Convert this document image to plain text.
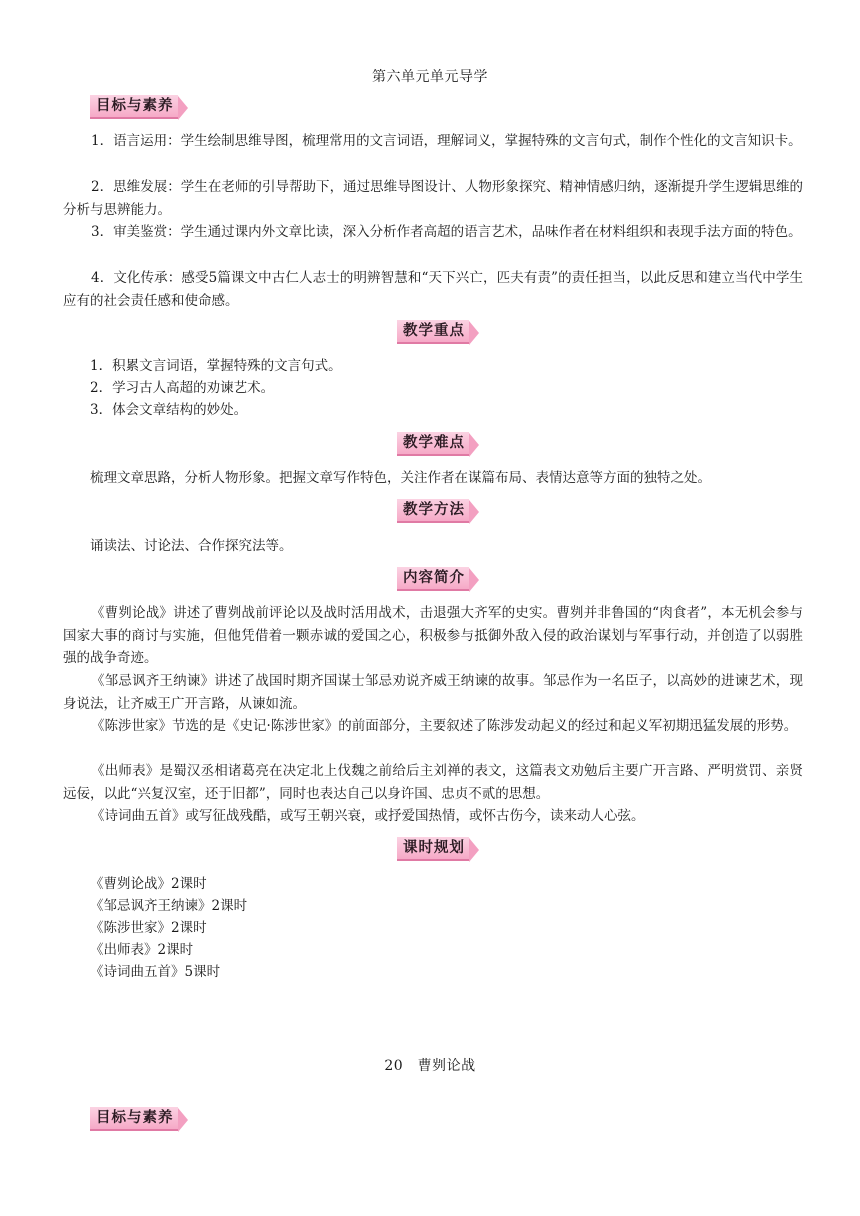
第六单元单元导学
目标与素养

1．语言运用：学生绘制思维导图，梳理常用的文言词语，理解词义，掌握特殊的文言句式，制作个性化的文言知识卡。

2．思维发展：学生在老师的引导帮助下，通过思维导图设计、人物形象探究、精神情感归纳，逐渐提升学生逻辑思维的分析与思辨能力。

3．审美鉴赏：学生通过课内外文章比读，深入分析作者高超的语言艺术，品味作者在材料组织和表现手法方面的特色。

4．文化传承：感受5篇课文中古仁人志士的明辨智慧和“天下兴亡，匹夫有责”的责任担当，以此反思和建立当代中学生应有的社会责任感和使命感。

教学重点

1．积累文言词语，掌握特殊的文言句式。

2．学习古人高超的劝谏艺术。

3．体会文章结构的妙处。

教学难点

梳理文章思路，分析人物形象。把握文章写作特色，关注作者在谋篇布局、表情达意等方面的独特之处。

教学方法

诵读法、讨论法、合作探究法等。

内容简介

《曹刿论战》讲述了曹刿战前评论以及战时活用战术，击退强大齐军的史实。曹刿并非鲁国的“肉食者”，本无机会参与国家大事的商讨与实施，但他凭借着一颗赤诚的爱国之心，积极参与抵御外敌入侵的政治谋划与军事行动，并创造了以弱胜强的战争奇迹。

《邹忌讽齐王纳谏》讲述了战国时期齐国谋士邹忌劝说齐威王纳谏的故事。邹忌作为一名臣子，以高妙的进谏艺术，现身说法，让齐威王广开言路，从谏如流。

《陈涉世家》节选的是《史记·陈涉世家》的前面部分，主要叙述了陈涉发动起义的经过和起义军初期迅猛发展的形势。

《出师表》是蜀汉丞相诸葛亮在决定北上伐魏之前给后主刘禅的表文，这篇表文劝勉后主要广开言路、严明赏罚、亲贤远佞，以此“兴复汉室，还于旧都”，同时也表达自己以身许国、忠贞不贰的思想。

《诗词曲五首》或写征战残酷，或写王朝兴衰，或抒爱国热情，或怀古伤今，读来动人心弦。

课时规划

《曹刿论战》2课时

《邹忌讽齐王纳谏》2课时

《陈涉世家》2课时

《出师表》2课时

《诗词曲五首》5课时

20　曹刿论战
目标与素养
